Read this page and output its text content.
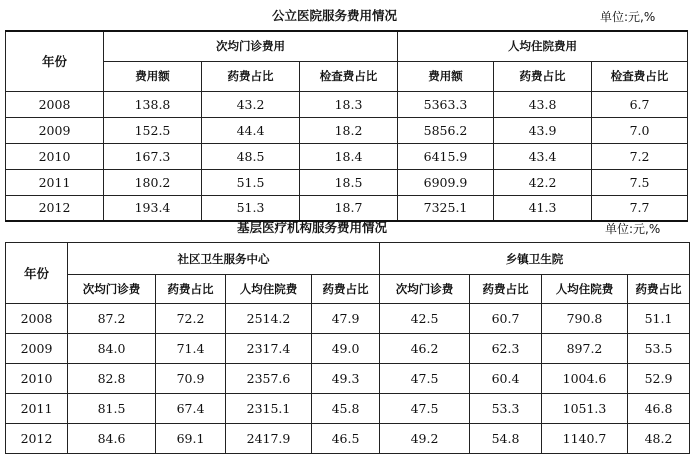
公立医院服务费用情况	单位:元,%
年份	次均门诊费用			人均住院费用		
	费用额	药费占比	检查费占比	费用额	药费占比	检查费占比
2008	138.8	43.2	18.3	5363.3	43.8	6.7
2009	152.5	44.4	18.2	5856.2	43.9	7.0
2010	167.3	48.5	18.4	6415.9	43.4	7.2
2011	180.2	51.5	18.5	6909.9	42.2	7.5
2012	193.4	51.3	18.7	7325.1	41.3	7.7
基层医疗机构服务费用情况	单位:元,%
年份	社区卫生服务中心				乡镇卫生院			
	次均门诊费	药费占比	人均住院费	药费占比	次均门诊费	药费占比	人均住院费	药费占比
2008	87.2	72.2	2514.2	47.9	42.5	60.7	790.8	51.1
2009	84.0	71.4	2317.4	49.0	46.2	62.3	897.2	53.5
2010	82.8	70.9	2357.6	49.3	47.5	60.4	1004.6	52.9
2011	81.5	67.4	2315.1	45.8	47.5	53.3	1051.3	46.8
2012	84.6	69.1	2417.9	46.5	49.2	54.8	1140.7	48.2
